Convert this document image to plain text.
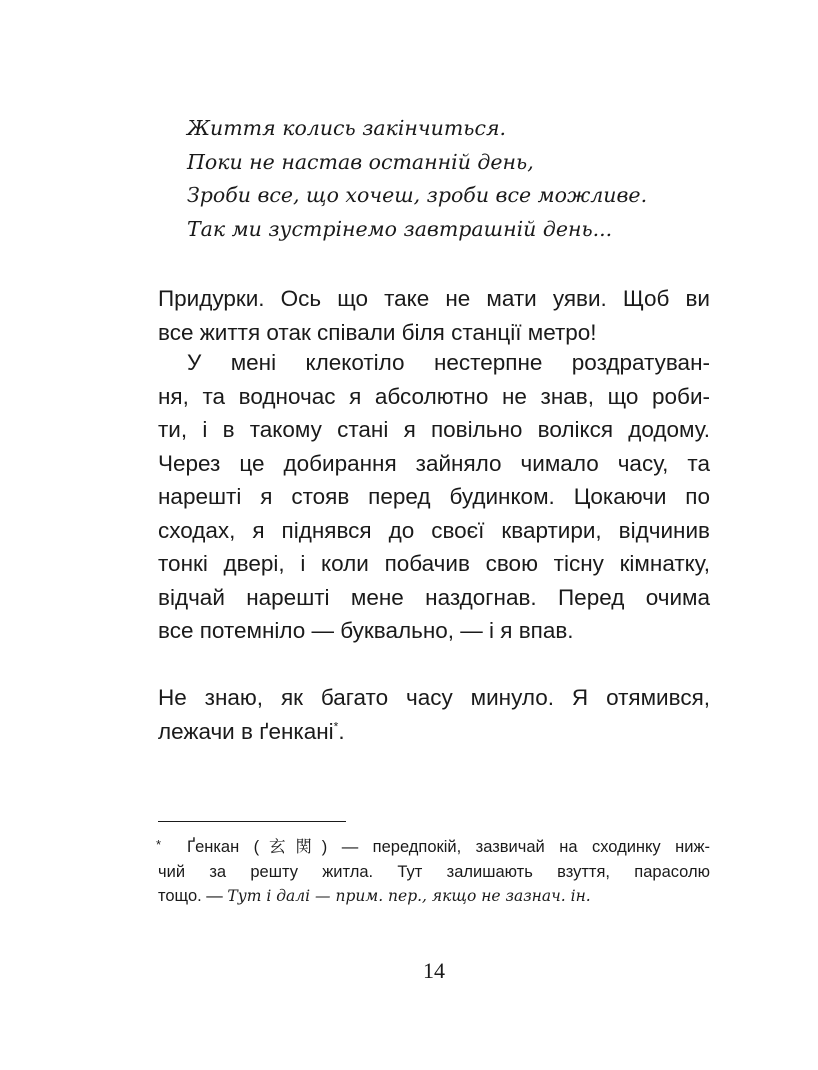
Життя колись закінчиться.
Поки не настав останній день,
Зроби все, що хочеш, зроби все можливе.
Так ми зустрінемо завтрашній день...
Придурки. Ось що таке не мати уяви. Щоб ви
все життя отак співали біля станції метро!
У мені клекотіло нестерпне роздратуван-
ня, та водночас я абсолютно не знав, що роби-
ти, і в такому стані я повільно волікся додому.
Через це добирання зайняло чимало часу, та
нарешті я стояв перед будинком. Цокаючи по
сходах, я піднявся до своєї квартири, відчинив
тонкі двері, і коли побачив свою тісну кімнатку,
відчай нарешті мене наздогнав. Перед очима
все потемніло — буквально, — і я впав.
Не знаю, як багато часу минуло. Я отямився,
лежачи в ґенкані*.
*	Ґенкан (玄関) — передпокій, зазвичай на сходинку ниж-
чий за решту житла. Тут залишають взуття, парасолю
тощо. — Тут і далі — прим. пер., якщо не зазнач. ін.
14
